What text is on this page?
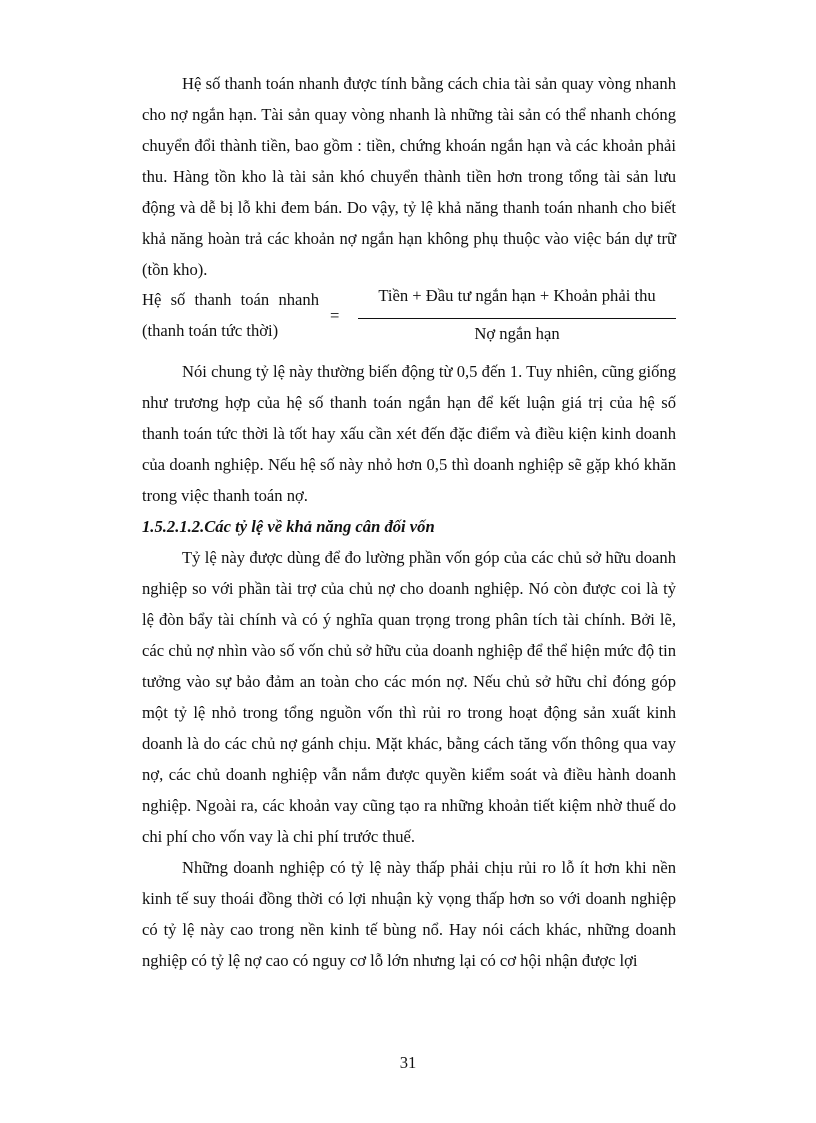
Hệ số thanh toán nhanh được tính bằng cách chia tài sản quay vòng nhanh cho nợ ngắn hạn. Tài sản quay vòng nhanh là những tài sản có thể nhanh chóng chuyển đổi thành tiền, bao gồm : tiền, chứng khoán ngắn hạn và các khoản phải thu. Hàng tồn kho là tài sản khó chuyển thành tiền hơn trong tổng tài sản lưu động và dễ bị lỗ khi đem bán. Do vậy, tỷ lệ khả năng thanh toán nhanh cho biết khả năng hoàn trả các khoản nợ ngắn hạn không phụ thuộc vào việc bán dự trữ (tồn kho).

Hệ số thanh toán nhanh
(thanh toán tức thời)
=
Tiền + Đầu tư ngắn hạn + Khoản phải thu
Nợ ngắn hạn

Nói chung tỷ lệ này thường biến động từ 0,5 đến 1. Tuy nhiên, cũng giống như trương hợp của hệ số thanh toán ngắn hạn để kết luận giá trị của hệ số thanh toán tức thời là tốt hay xấu cần xét đến đặc điểm và điều kiện kinh doanh của doanh nghiệp. Nếu hệ số này nhỏ hơn 0,5 thì doanh nghiệp sẽ gặp khó khăn trong việc thanh toán nợ.

1.5.2.1.2.Các tỷ lệ về khả năng cân đối vốn

Tỷ lệ này được dùng để đo lường phần vốn góp của các chủ sở hữu doanh nghiệp so với phần tài trợ của chủ nợ cho doanh nghiệp. Nó còn được coi là tỷ lệ đòn bẩy tài chính và có ý nghĩa quan trọng trong phân tích tài chính. Bởi lẽ, các chủ nợ nhìn vào số vốn chủ sở hữu của doanh nghiệp để thể hiện mức độ tin tưởng vào sự bảo đảm an toàn cho các món nợ. Nếu chủ sở hữu chỉ đóng góp một tỷ lệ nhỏ trong tổng nguồn vốn thì rủi ro trong hoạt động sản xuất kinh doanh là do các chủ nợ gánh chịu. Mặt khác, bằng cách tăng vốn thông qua vay nợ, các chủ doanh nghiệp vẫn nắm được quyền kiểm soát và điều hành doanh nghiệp. Ngoài ra, các khoản vay cũng tạo ra những khoản tiết kiệm nhờ thuế do chi phí cho vốn vay là chi phí trước thuế.

Những doanh nghiệp có tỷ lệ này thấp phải chịu rủi ro lỗ ít hơn khi nền kinh tế suy thoái đồng thời có lợi nhuận kỳ vọng thấp hơn so với doanh nghiệp có tỷ lệ này cao trong nền kinh tế bùng nổ. Hay nói cách khác, những doanh nghiệp có tỷ lệ nợ cao có nguy cơ lỗ lớn nhưng lại có cơ hội nhận được lợi

31
